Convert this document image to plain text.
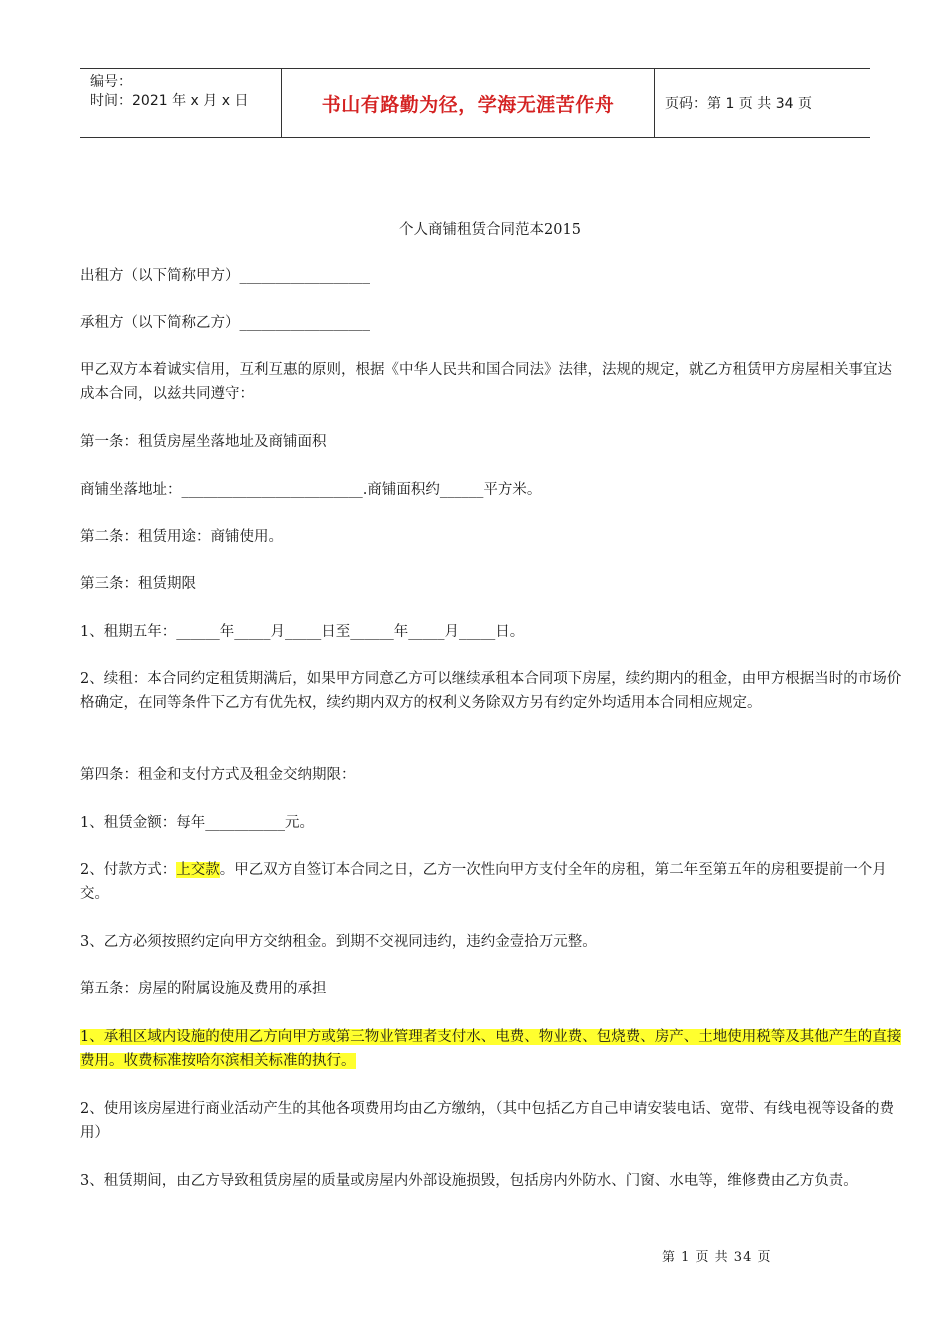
编号：
时间：2021 年 x 月 x 日	书山有路勤为径，学海无涯苦作舟	页码：第 1 页 共 34 页
个人商铺租赁合同范本2015

出租方（以下简称甲方）__________________

承租方（以下简称乙方）__________________

甲乙双方本着诚实信用，互利互惠的原则，根据《中华人民共和国合同法》法律，法规的规定，就乙方租赁甲方房屋相关事宜达成本合同，以兹共同遵守：

第一条：租赁房屋坐落地址及商铺面积

商铺坐落地址：_________________________.商铺面积约______平方米。

第二条：租赁用途：商铺使用。

第三条：租赁期限

1、租期五年：______年_____月_____日至______年_____月_____日。

2、续租：本合同约定租赁期满后，如果甲方同意乙方可以继续承租本合同项下房屋，续约期内的租金，由甲方根据当时的市场价格确定，在同等条件下乙方有优先权，续约期内双方的权利义务除双方另有约定外均适用本合同相应规定。

第四条：租金和支付方式及租金交纳期限：

1、租赁金额：每年___________元。

2、付款方式：上交款。甲乙双方自签订本合同之日，乙方一次性向甲方支付全年的房租，第二年至第五年的房租要提前一个月交。

3、乙方必须按照约定向甲方交纳租金。到期不交视同违约，违约金壹拾万元整。

第五条：房屋的附属设施及费用的承担

1、承租区域内设施的使用乙方向甲方或第三物业管理者支付水、电费、物业费、包烧费、房产、土地使用税等及其他产生的直接费用。收费标准按哈尔滨相关标准的执行。

2、使用该房屋进行商业活动产生的其他各项费用均由乙方缴纳，（其中包括乙方自己申请安装电话、宽带、有线电视等设备的费用）

3、租赁期间，由乙方导致租赁房屋的质量或房屋内外部设施损毁，包括房内外防水、门窗、水电等，维修费由乙方负责。

第 1 页 共 34 页
